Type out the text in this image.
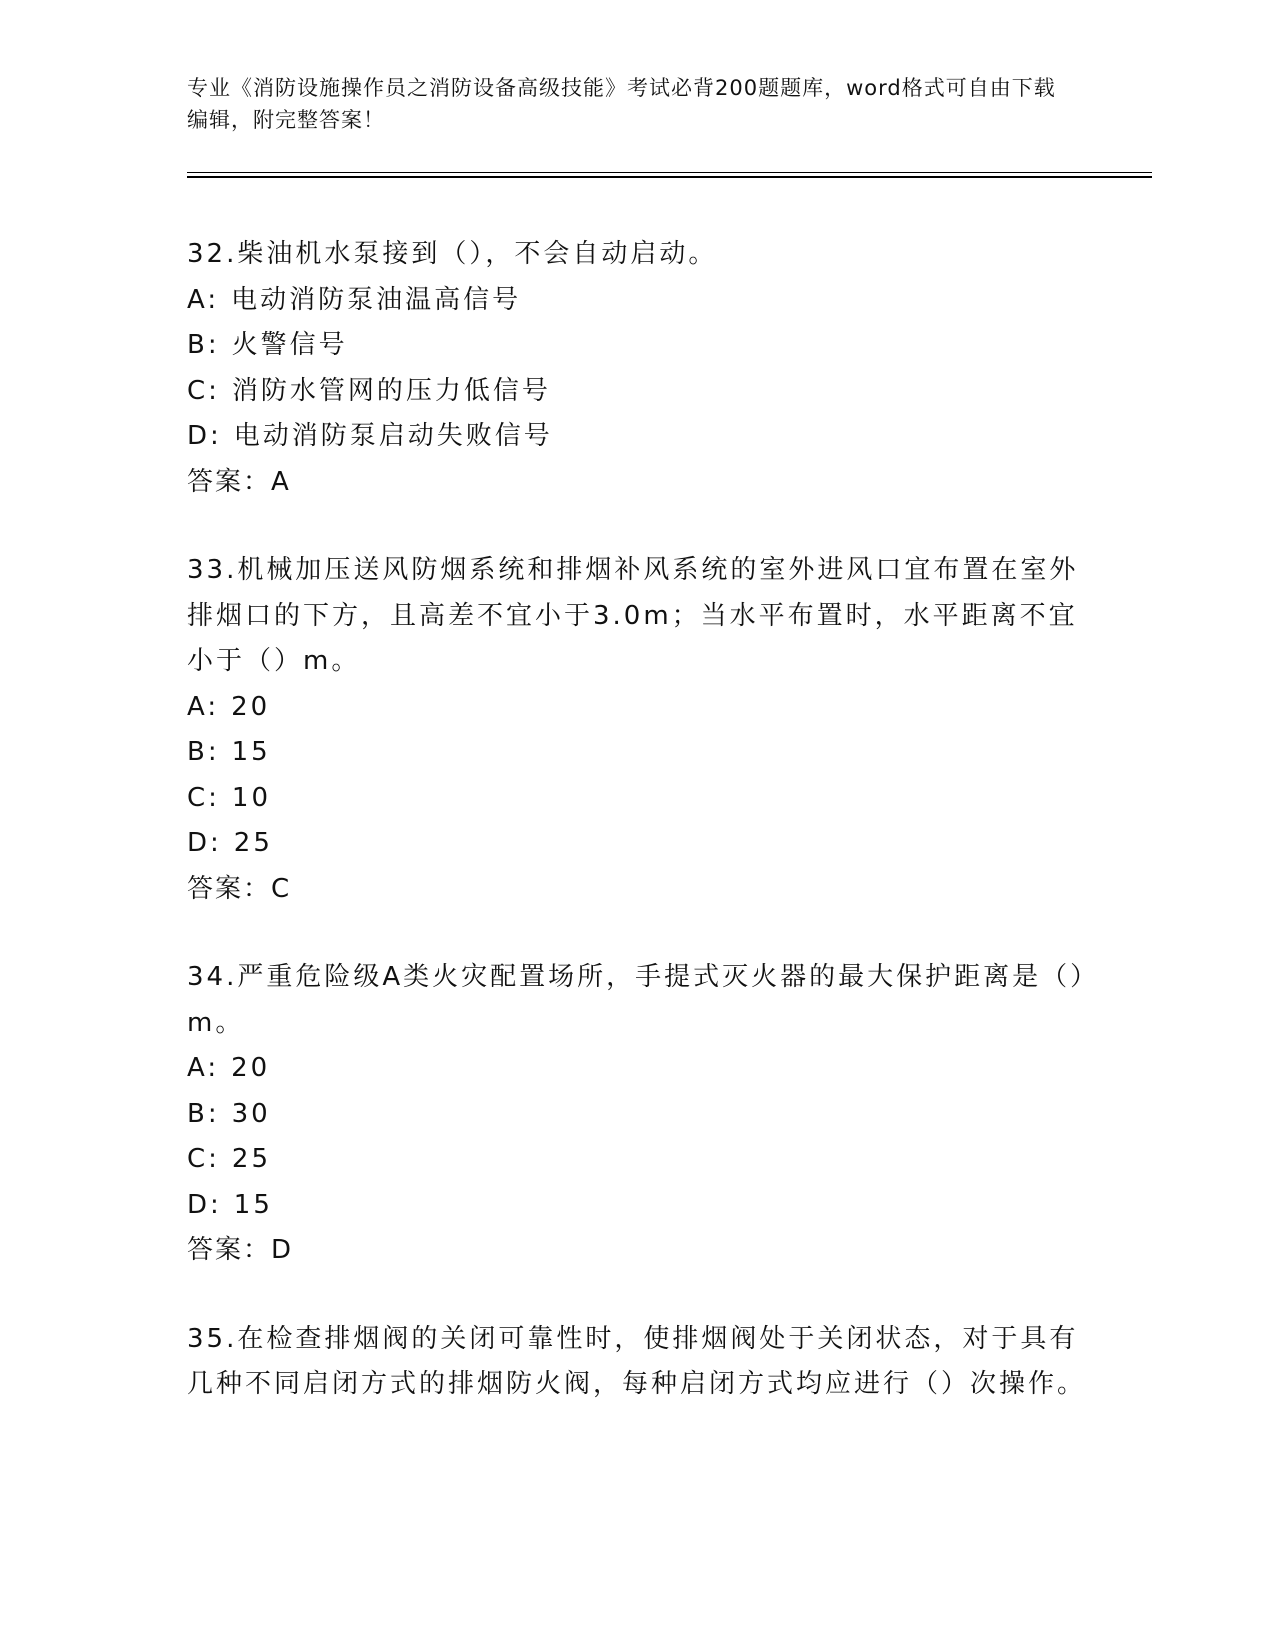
专业《消防设施操作员之消防设备高级技能》考试必背200题题库，word格式可自由下载编辑，附完整答案！
32.柴油机水泵接到（），不会自动启动。
A: 电动消防泵油温高信号
B: 火警信号
C: 消防水管网的压力低信号
D: 电动消防泵启动失败信号
答案：A
33.机械加压送风防烟系统和排烟补风系统的室外进风口宜布置在室外排烟口的下方，且高差不宜小于3.0m；当水平布置时，水平距离不宜小于（）m。
A: 20
B: 15
C: 10
D: 25
答案：C
34.严重危险级A类火灾配置场所，手提式灭火器的最大保护距离是（）m。
A: 20
B: 30
C: 25
D: 15
答案：D
35.在检查排烟阀的关闭可靠性时，使排烟阀处于关闭状态，对于具有几种不同启闭方式的排烟防火阀，每种启闭方式均应进行（）次操作。
